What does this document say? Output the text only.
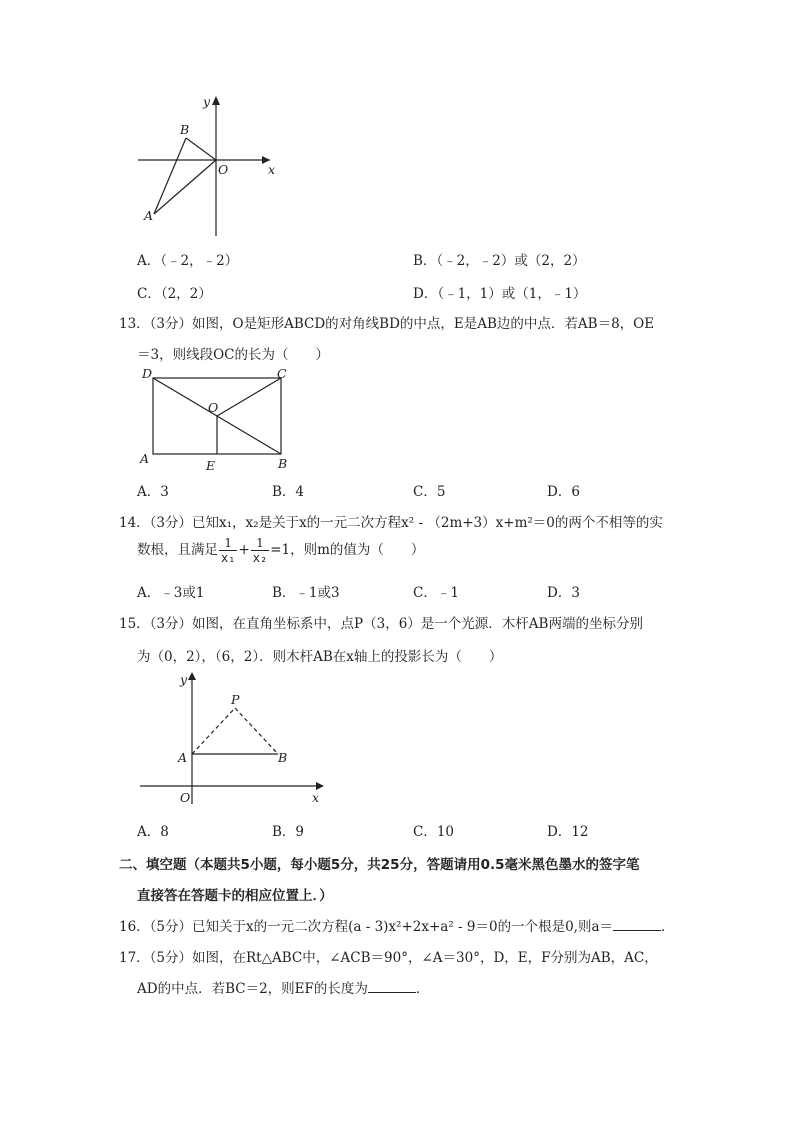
y
x
O
B
A
A．（﹣2，﹣2）	B．（﹣2，﹣2）或（2，2）
C．（2，2）	D．（﹣1，1）或（1，﹣1）
13．（3分）如图，O是矩形ABCD的对角线BD的中点，E是AB边的中点．若AB＝8，OE
＝3，则线段OC的长为（　　）
D	C
O
A	E	B
A．3	B．4	C．5	D．6
14．（3分）已知x₁，x₂是关于x的一元二次方程x² - （2m+3）x+m²＝0的两个不相等的实
数根，且满足 $\frac{1}{\text{x₁}} + \frac{1}{\text{x₂}} =1$，则m的值为（　　）
A．﹣3或1	B．﹣1或3	C．﹣1	D．3
15．（3分）如图，在直角坐标系中，点P（3，6）是一个光源．木杆AB两端的坐标分别
为（0，2），（6，2）．则木杆AB在x轴上的投影长为（　　）
y
P
A	B
O	x
A．8	B．9	C．10	D．12
二、填空题（本题共5小题，每小题5分，共25分，答题请用0.5毫米黑色墨水的签字笔
直接答在答题卡的相应位置上．）
16．（5分）已知关于x的一元二次方程(a - 3)x²+2x+a² - 9＝0的一个根是0,则a＝	．
17．（5分）如图，在Rt△ABC中，∠ACB＝90°，∠A＝30°，D，E，F分别为AB，AC，
AD的中点．若BC＝2，则EF的长度为	．
